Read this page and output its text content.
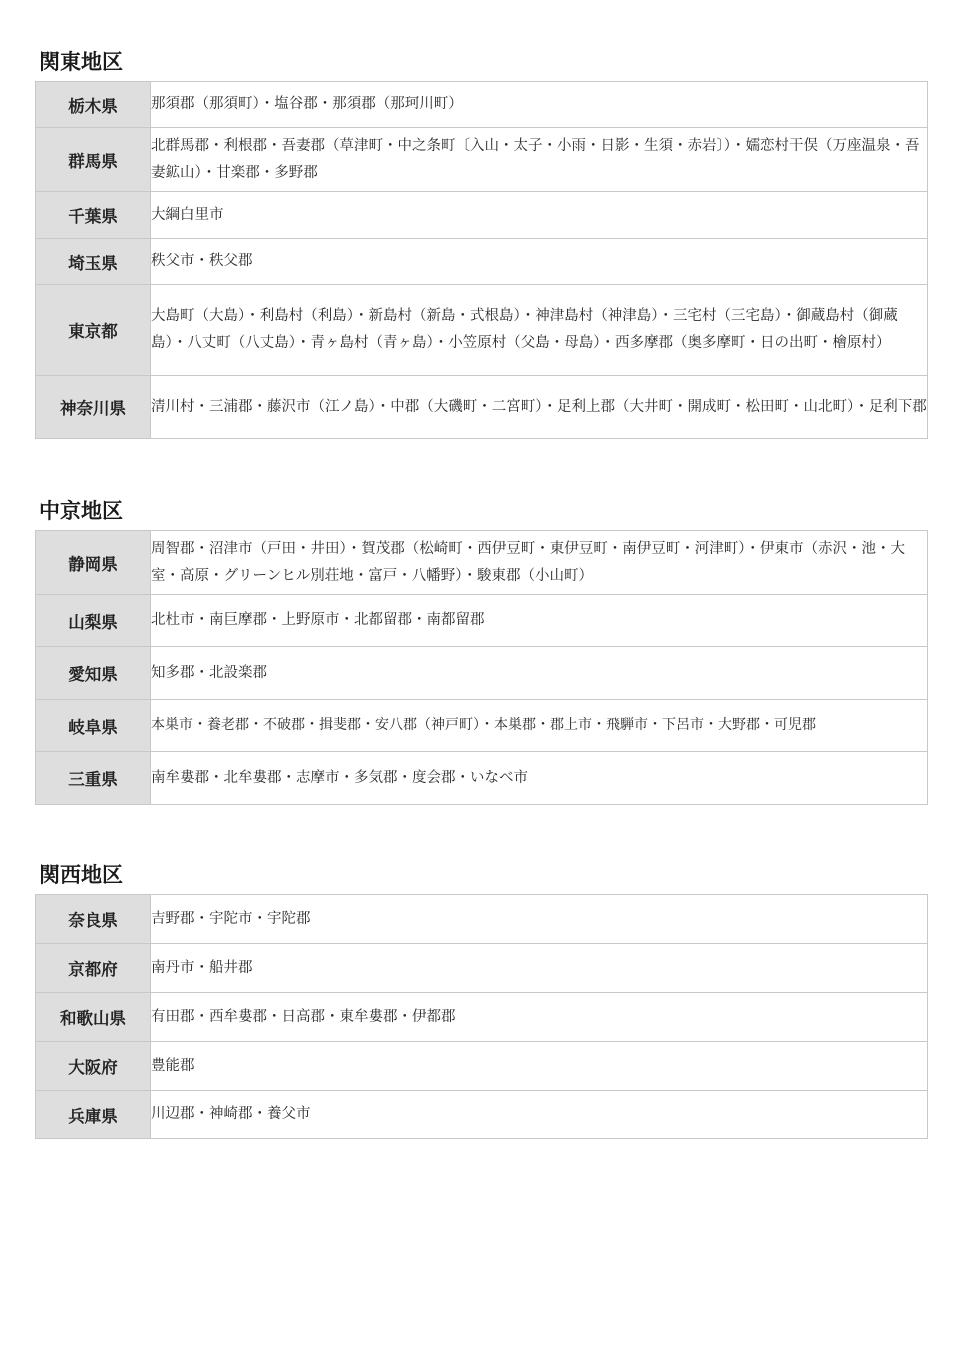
関東地区
栃木県	那須郡（那須町）・塩谷郡・那須郡（那珂川町）
群馬県	北群馬郡・利根郡・吾妻郡（草津町・中之条町〔入山・太子・小雨・日影・生須・赤岩〕）・嬬恋村干俣（万座温泉・吾妻鉱山）・甘楽郡・多野郡
千葉県	大綱白里市
埼玉県	秩父市・秩父郡
東京都	大島町（大島）・利島村（利島）・新島村（新島・式根島）・神津島村（神津島）・三宅村（三宅島）・御蔵島村（御蔵島）・八丈町（八丈島）・青ヶ島村（青ヶ島）・小笠原村（父島・母島）・西多摩郡（奥多摩町・日の出町・檜原村）
神奈川県	清川村・三浦郡・藤沢市（江ノ島）・中郡（大磯町・二宮町）・足利上郡（大井町・開成町・松田町・山北町）・足利下郡
中京地区
静岡県	周智郡・沼津市（戸田・井田）・賀茂郡（松崎町・西伊豆町・東伊豆町・南伊豆町・河津町）・伊東市（赤沢・池・大室・高原・グリーンヒル別荘地・富戸・八幡野）・駿東郡（小山町）
山梨県	北杜市・南巨摩郡・上野原市・北都留郡・南都留郡
愛知県	知多郡・北設楽郡
岐阜県	本巣市・養老郡・不破郡・揖斐郡・安八郡（神戸町）・本巣郡・郡上市・飛騨市・下呂市・大野郡・可児郡
三重県	南牟婁郡・北牟婁郡・志摩市・多気郡・度会郡・いなべ市
関西地区
奈良県	吉野郡・宇陀市・宇陀郡
京都府	南丹市・船井郡
和歌山県	有田郡・西牟婁郡・日高郡・東牟婁郡・伊都郡
大阪府	豊能郡
兵庫県	川辺郡・神崎郡・養父市
